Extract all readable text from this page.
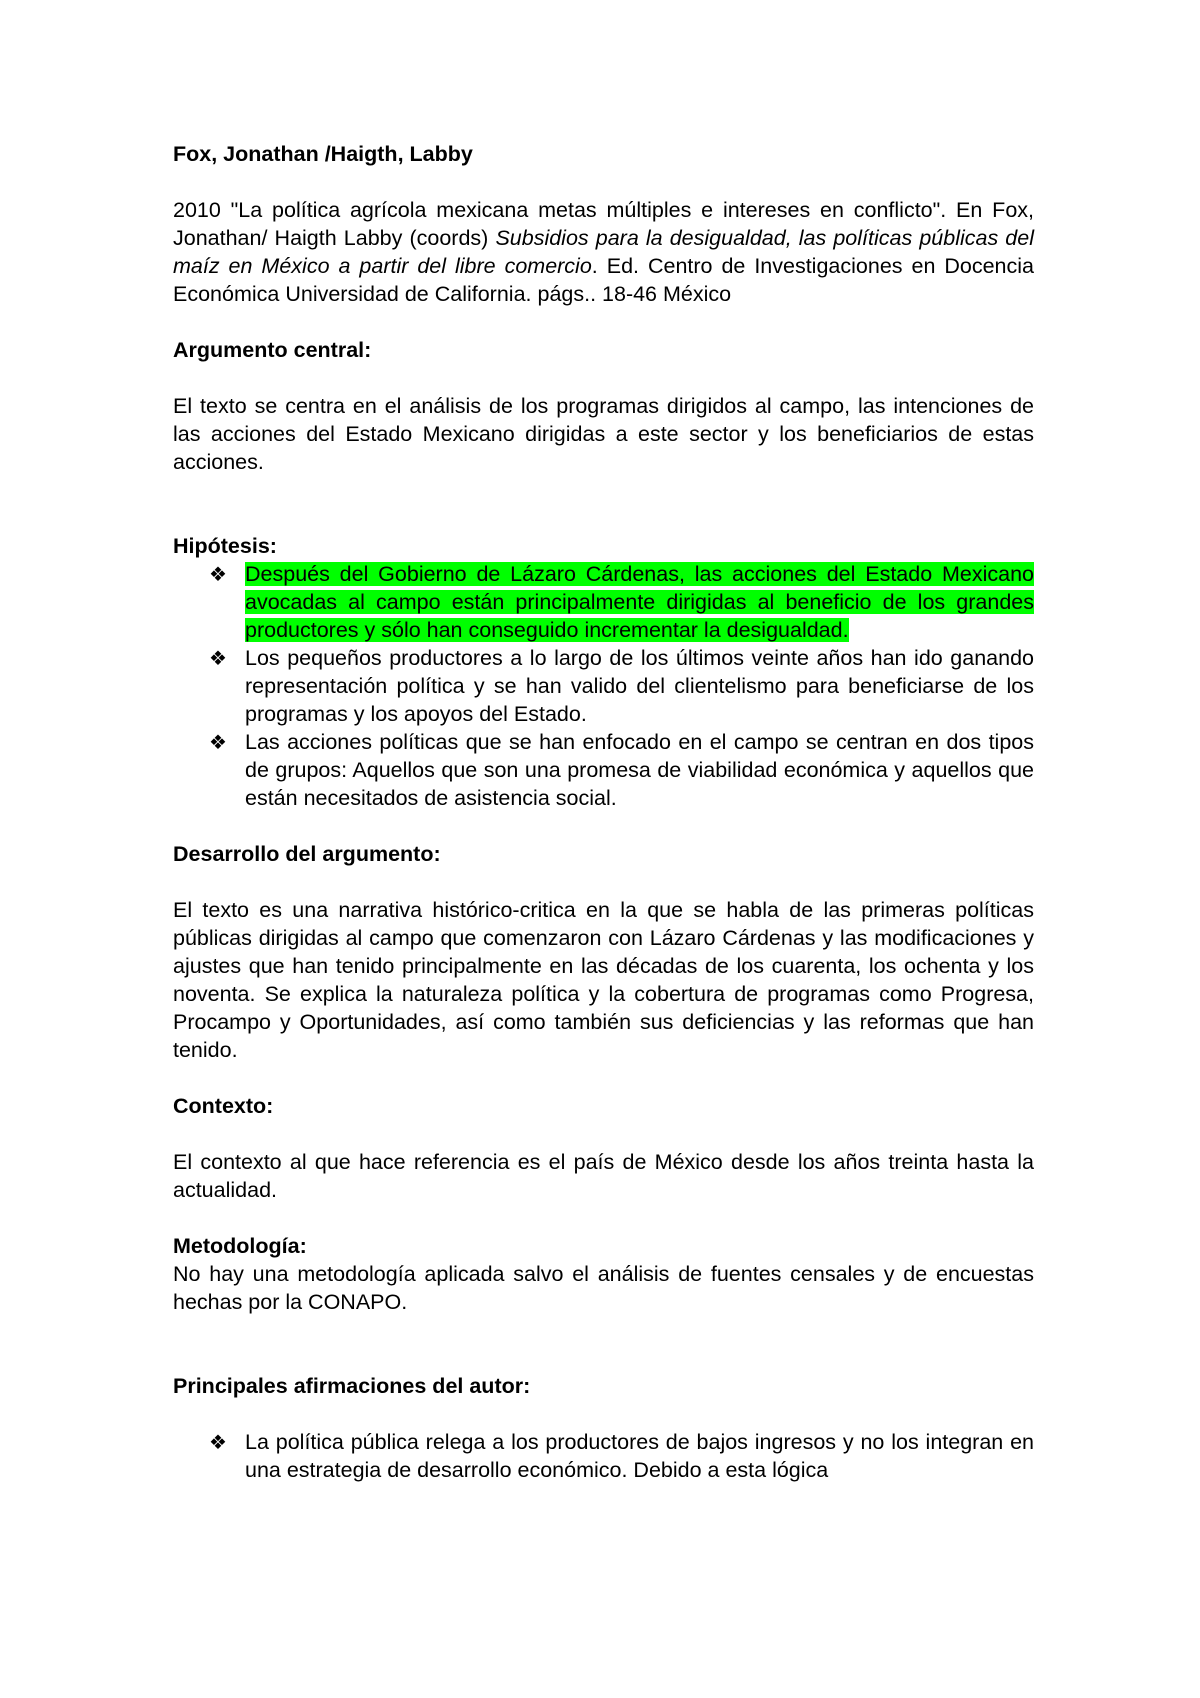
Fox, Jonathan /Haigth, Labby

2010 "La política agrícola mexicana metas múltiples e intereses en conflicto". En Fox, Jonathan/ Haigth Labby (coords) Subsidios para la desigualdad, las políticas públicas del maíz en México a partir del libre comercio. Ed. Centro de Investigaciones en Docencia Económica Universidad de California. págs.. 18-46 México

Argumento central:

El texto se centra en el análisis de los programas dirigidos al campo, las intenciones de las acciones del Estado Mexicano dirigidas a este sector y los beneficiarios de estas acciones.

Hipótesis:

❖ Después del Gobierno de Lázaro Cárdenas, las acciones del Estado Mexicano avocadas al campo están principalmente dirigidas al beneficio de los grandes productores y sólo han conseguido incrementar la desigualdad.
❖ Los pequeños productores a lo largo de los últimos veinte años han ido ganando representación política y se han valido del clientelismo para beneficiarse de los programas y los apoyos del Estado.
❖ Las acciones políticas que se han enfocado en el campo se centran en dos tipos de grupos: Aquellos que son una promesa de viabilidad económica y aquellos que están necesitados de asistencia social.

Desarrollo del argumento:

El texto es una narrativa histórico-critica en la que se habla de las primeras políticas públicas dirigidas al campo que comenzaron con Lázaro Cárdenas y las modificaciones y ajustes que han tenido principalmente en las décadas de los cuarenta, los ochenta y los noventa. Se explica la naturaleza política y la cobertura de programas como Progresa, Procampo y Oportunidades, así como también sus deficiencias y las reformas que han tenido.

Contexto:

El contexto al que hace referencia es el país de México desde los años treinta hasta la actualidad.

Metodología:

No hay una metodología aplicada salvo el análisis de fuentes censales y de encuestas hechas por la CONAPO.

Principales afirmaciones del autor:

❖ La política pública relega a los productores de bajos ingresos y no los integran en una estrategia de desarrollo económico. Debido a esta lógica
